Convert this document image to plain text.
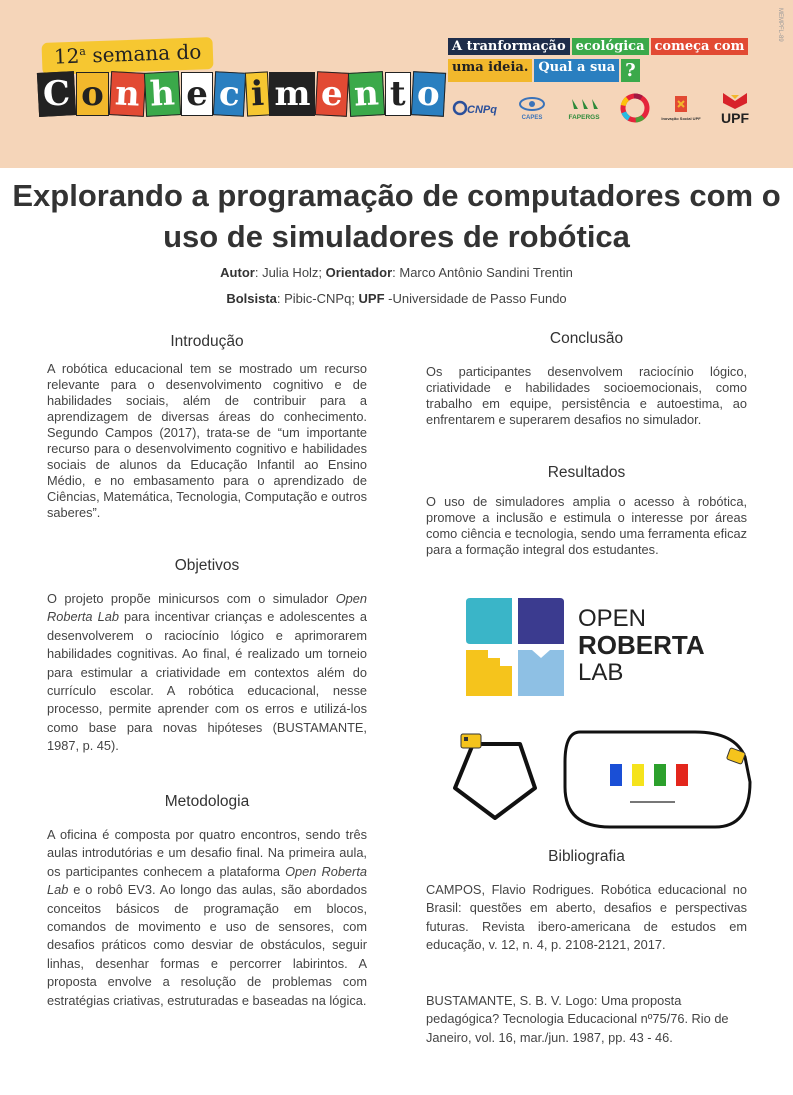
MEMPFL-89
12$^a$ semana do
C o n h e c i m e n t o
A tranformação ecológica começa com
uma ideia. Qual a sua ?
CNPq
CAPES	FAPERGS	Inovação Social UPF UPF
Explorando a programação de computadores com o uso de simuladores de robótica
Autor: Julia Holz; Orientador: Marco Antônio Sandini Trentin
Bolsista: Pibic-CNPq; UPF -Universidade de Passo Fundo
Introdução

A robótica educacional tem se mostrado um recurso relevante para o desenvolvimento cognitivo e de habilidades sociais, além de contribuir para a aprendizagem de diversas áreas do conhecimento. Segundo Campos (2017), trata-se de “um importante recurso para o desenvolvimento cognitivo e habilidades sociais de alunos da Educação Infantil ao Ensino Médio, e no embasamento para o aprendizado de Ciências, Matemática, Tecnologia, Computação e outros saberes”.

Objetivos

O projeto propõe minicursos com o simulador Open Roberta Lab para incentivar crianças e adolescentes a desenvolverem o raciocínio lógico e aprimorarem habilidades cognitivas. Ao final, é realizado um torneio para estimular a criatividade em contextos além do currículo escolar. A robótica educacional, nesse processo, permite aprender com os erros e utilizá-los como base para novas hipóteses (BUSTAMANTE, 1987, p. 45).

Metodologia

A oficina é composta por quatro encontros, sendo três aulas introdutórias e um desafio final. Na primeira aula, os participantes conhecem a plataforma Open Roberta Lab e o robô EV3. Ao longo das aulas, são abordados conceitos básicos de programação em blocos, comandos de movimento e uso de sensores, com desafios práticos como desviar de obstáculos, seguir linhas, desenhar formas e percorrer labirintos. A proposta envolve a resolução de problemas com estratégias criativas, estruturadas e baseadas na lógica.

Conclusão

Os participantes desenvolvem raciocínio lógico, criatividade e habilidades socioemocionais, como trabalho em equipe, persistência e autoestima, ao enfrentarem e superarem desafios no simulador.

Resultados

O uso de simuladores amplia o acesso à robótica, promove a inclusão e estimula o interesse por áreas como ciência e tecnologia, sendo uma ferramenta eficaz para a formação integral dos estudantes.

Bibliografia

CAMPOS, Flavio Rodrigues. Robótica educacional no Brasil: questões em aberto, desafios e perspectivas futuras. Revista ibero-americana de estudos em educação, v. 12, n. 4, p. 2108-2121, 2017.

BUSTAMANTE, S. B. V. Logo: Uma proposta pedagógica? Tecnologia Educacional nº75/76. Rio de Janeiro, vol. 16, mar./jun. 1987, pp. 43 - 46.

OPEN
ROBERTA
LAB
